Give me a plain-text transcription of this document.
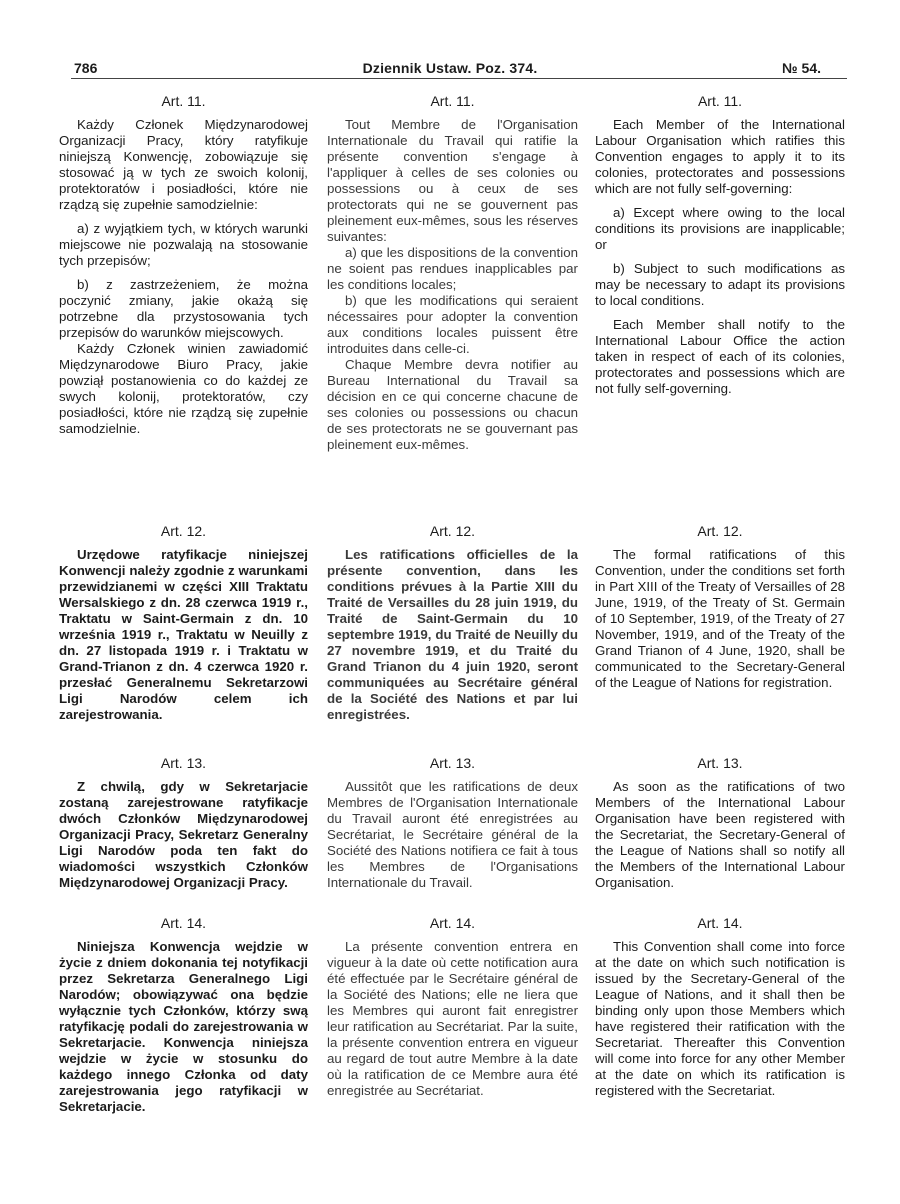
Dziennik Ustaw. Poz. 374.
786	№ 54.
Art. 11.

Każdy Członek Międzynarodowej Organizacji Pracy, który ratyfikuje niniejszą Konwencję, zobowiązuje się stosować ją w tych ze swoich kolonij, protektoratów i posiadłości, które nie rządzą się zupełnie samodzielnie:

a) z wyjątkiem tych, w których warunki miejscowe nie pozwalają na stosowanie tych przepisów;

b) z zastrzeżeniem, że można poczynić zmiany, jakie okażą się potrzebne dla przystosowania tych przepisów do warunków miejscowych.

Każdy Członek winien zawiadomić Międzynarodowe Biuro Pracy, jakie powziął postanowienia co do każdej ze swych kolonij, protektoratów, czy posiadłości, które nie rządzą się zupełnie samodzielnie.

Art. 12.

Urzędowe ratyfikacje niniejszej Konwencji należy zgodnie z warunkami przewidzianemi w części XIII Traktatu Wersalskiego z dn. 28 czerwca 1919 r., Traktatu w Saint-Germain z dn. 10 września 1919 r., Traktatu w Neuilly z dn. 27 listopada 1919 r. i Traktatu w Grand-Trianon z dn. 4 czerwca 1920 r. przesłać Generalnemu Sekretarzowi Ligi Narodów celem ich zarejestrowania.

Art. 13.

Z chwilą, gdy w Sekretarjacie zostaną zarejestrowane ratyfikacje dwóch Członków Międzynarodowej Organizacji Pracy, Sekretarz Generalny Ligi Narodów poda ten fakt do wiadomości wszystkich Członków Międzynarodowej Organizacji Pracy.

Art. 14.

Niniejsza Konwencja wejdzie w życie z dniem dokonania tej notyfikacji przez Sekretarza Generalnego Ligi Narodów; obowiązywać ona będzie wyłącznie tych Członków, którzy swą ratyfikację podali do zarejestrowania w Sekretarjacie. Konwencja niniejsza wejdzie w życie w stosunku do każdego innego Członka od daty zarejestrowania jego ratyfikacji w Sekretarjacie.

Art. 11.

Tout Membre de l'Organisation Internationale du Travail qui ratifie la présente convention s'engage à l'appliquer à celles de ses colonies ou possessions ou à ceux de ses protectorats qui ne se gouvernent pas pleinement eux-mêmes, sous les réserves suivantes:

a) que les dispositions de la convention ne soient pas rendues inapplicables par les conditions locales;

b) que les modifications qui seraient nécessaires pour adopter la convention aux conditions locales puissent être introduites dans celle-ci.

Chaque Membre devra notifier au Bureau International du Travail sa décision en ce qui concerne chacune de ses colonies ou possessions ou chacun de ses protectorats ne se gouvernant pas pleinement eux-mêmes.

Art. 12.

Les ratifications officielles de la présente convention, dans les conditions prévues à la Partie XIII du Traité de Versailles du 28 juin 1919, du Traité de Saint-Germain du 10 septembre 1919, du Traité de Neuilly du 27 novembre 1919, et du Traité du Grand Trianon du 4 juin 1920, seront communiquées au Secrétaire général de la Société des Nations et par lui enregistrées.

Art. 13.

Aussitôt que les ratifications de deux Membres de l'Organisation Internationale du Travail auront été enregistrées au Secrétariat, le Secrétaire général de la Société des Nations notifiera ce fait à tous les Membres de l'Organisations Internationale du Travail.

Art. 14.

La présente convention entrera en vigueur à la date où cette notification aura été effectuée par le Secrétaire général de la Société des Nations; elle ne liera que les Membres qui auront fait enregistrer leur ratification au Secrétariat. Par la suite, la présente convention entrera en vigueur au regard de tout autre Membre à la date où la ratification de ce Membre aura été enregistrée au Secrétariat.

Art. 11.

Each Member of the International Labour Organisation which ratifies this Convention engages to apply it to its colonies, protectorates and possessions which are not fully self-governing:

a) Except where owing to the local conditions its provisions are inapplicable; or

b) Subject to such modifications as may be necessary to adapt its provisions to local conditions.

Each Member shall notify to the International Labour Office the action taken in respect of each of its colonies, protectorates and possessions which are not fully self-governing.

Art. 12.

The formal ratifications of this Convention, under the conditions set forth in Part XIII of the Treaty of Versailles of 28 June, 1919, of the Treaty of St. Germain of 10 September, 1919, of the Treaty of 27 November, 1919, and of the Treaty of the Grand Trianon of 4 June, 1920, shall be communicated to the Secretary-General of the League of Nations for registration.

Art. 13.

As soon as the ratifications of two Members of the International Labour Organisation have been registered with the Secretariat, the Secretary-General of the League of Nations shall so notify all the Members of the International Labour Organisation.

Art. 14.

This Convention shall come into force at the date on which such notification is issued by the Secretary-General of the League of Nations, and it shall then be binding only upon those Members which have registered their ratification with the Secretariat. Thereafter this Convention will come into force for any other Member at the date on which its ratification is registered with the Secretariat.
